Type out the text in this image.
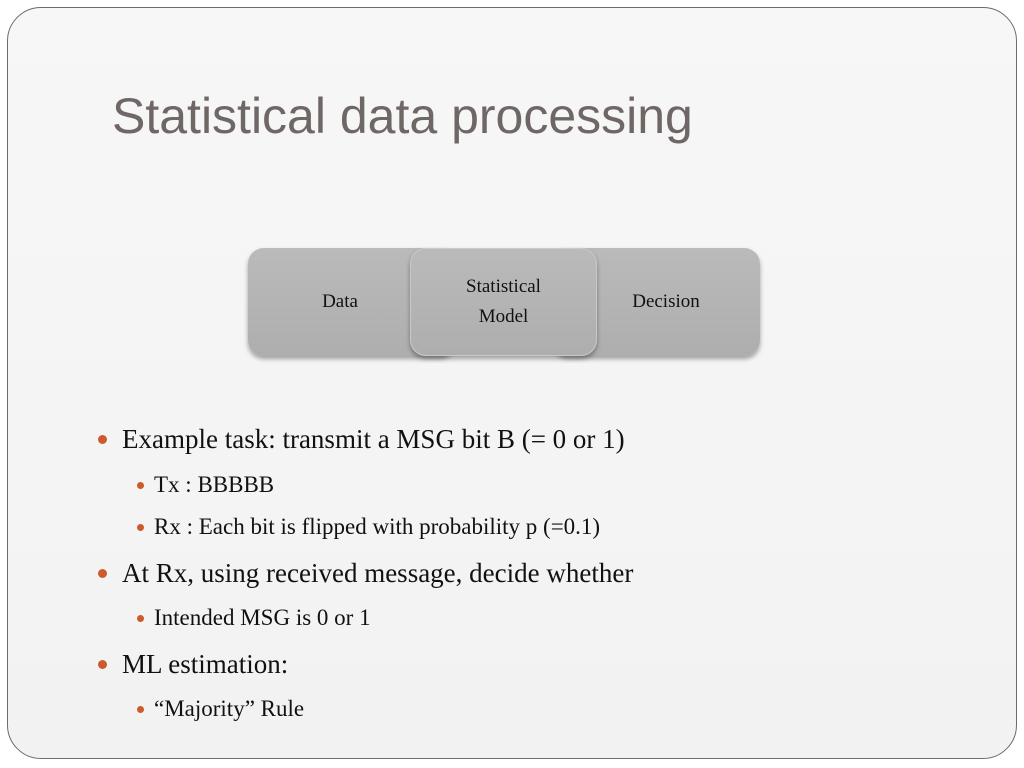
Statistical data processing
Data	Decision
Statistical
Model
Example task: transmit a MSG bit B (= 0 or 1)
Tx : BBBBB
Rx : Each bit is flipped with probability p (=0.1)
At Rx, using received message, decide whether
Intended MSG is 0 or 1
ML estimation:
“Majority” Rule
